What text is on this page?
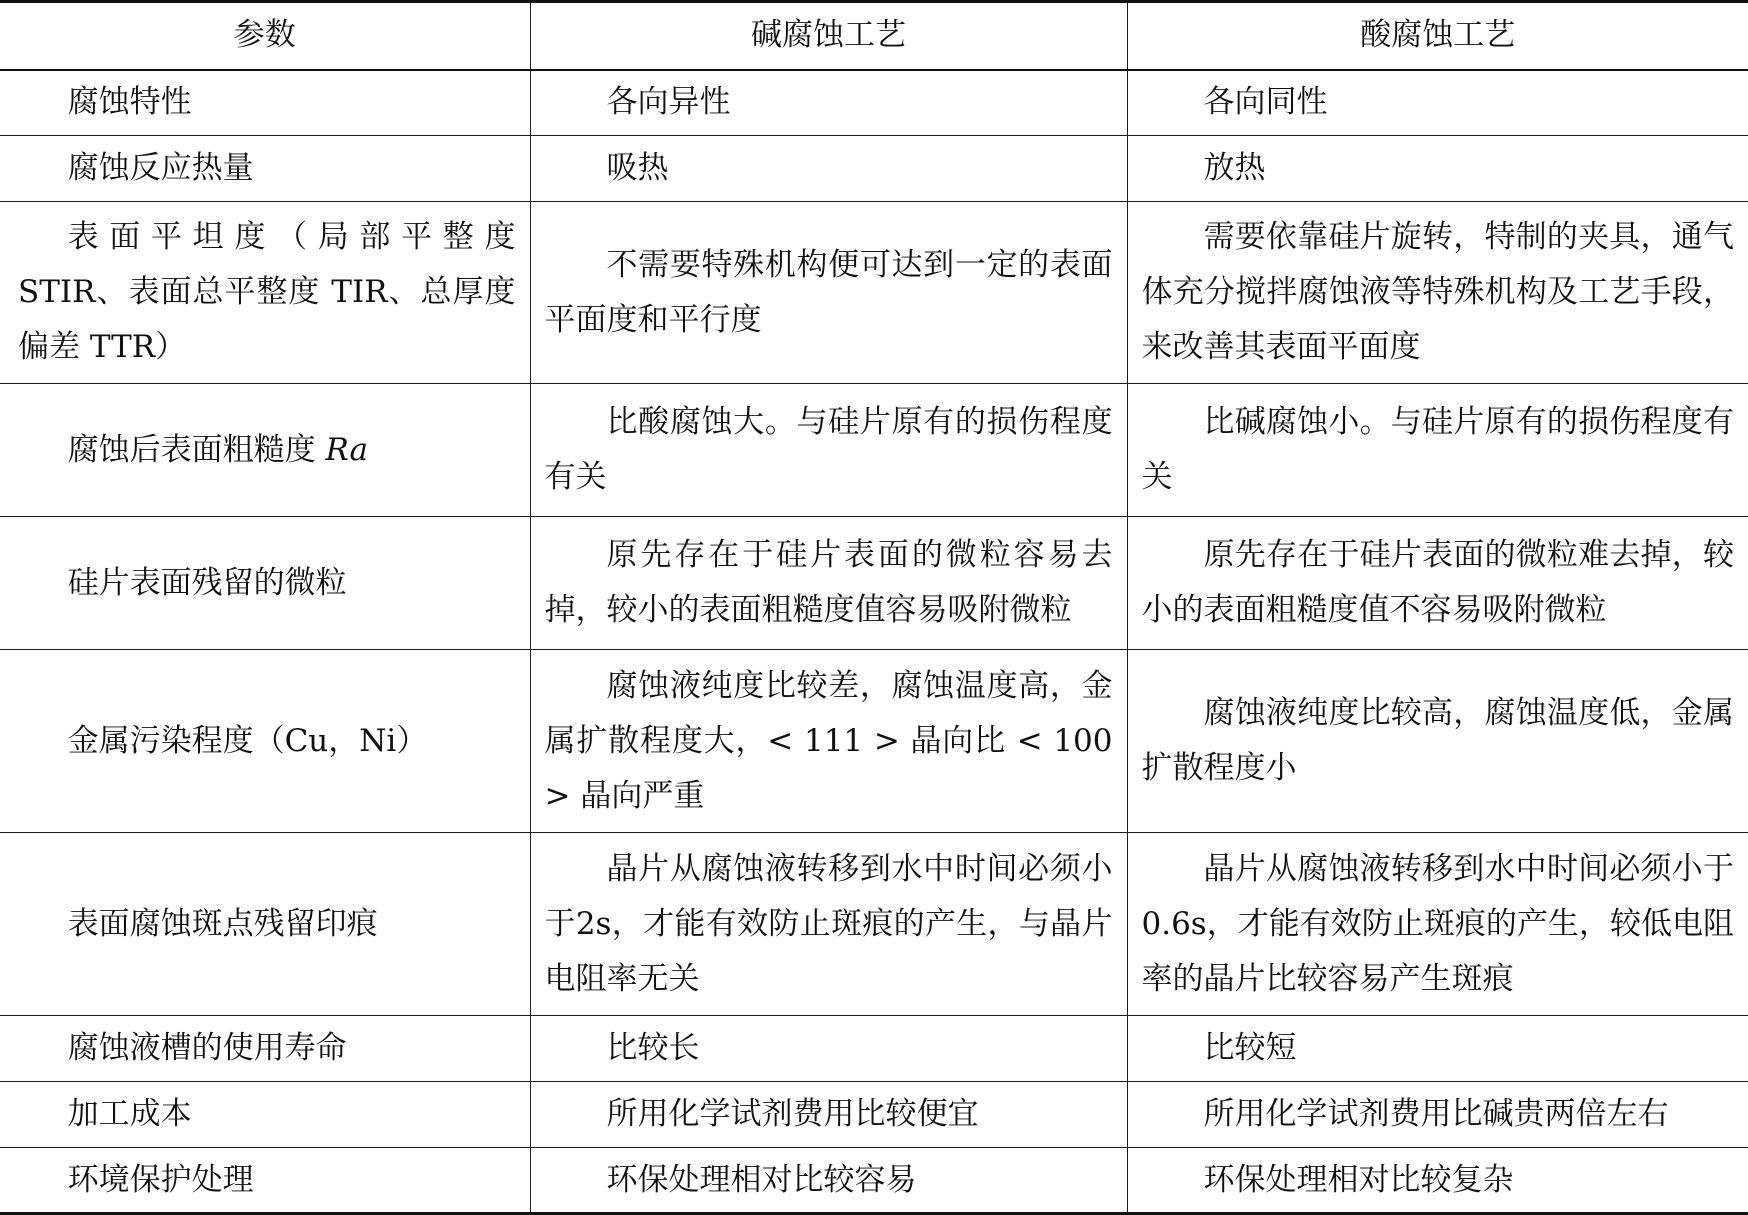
参数	碱腐蚀工艺	酸腐蚀工艺
腐蚀特性	各向异性	各向同性
腐蚀反应热量	吸热	放热
表面平坦度（局部平整度 STIR、表面总平整度 TIR、总厚度偏差 TTR）	不需要特殊机构便可达到一定的表面平面度和平行度	需要依靠硅片旋转，特制的夹具，通气体充分搅拌腐蚀液等特殊机构及工艺手段，来改善其表面平面度
腐蚀后表面粗糙度 Ra	比酸腐蚀大。与硅片原有的损伤程度有关	比碱腐蚀小。与硅片原有的损伤程度有关
硅片表面残留的微粒	原先存在于硅片表面的微粒容易去掉，较小的表面粗糙度值容易吸附微粒	原先存在于硅片表面的微粒难去掉，较小的表面粗糙度值不容易吸附微粒
金属污染程度（Cu，Ni）	腐蚀液纯度比较差，腐蚀温度高，金属扩散程度大，< 111 > 晶向比 < 100 > 晶向严重	腐蚀液纯度比较高，腐蚀温度低，金属扩散程度小
表面腐蚀斑点残留印痕	晶片从腐蚀液转移到水中时间必须小于2s，才能有效防止斑痕的产生，与晶片电阻率无关	晶片从腐蚀液转移到水中时间必须小于0.6s，才能有效防止斑痕的产生，较低电阻率的晶片比较容易产生斑痕
腐蚀液槽的使用寿命	比较长	比较短
加工成本	所用化学试剂费用比较便宜	所用化学试剂费用比碱贵两倍左右
环境保护处理	环保处理相对比较容易	环保处理相对比较复杂
